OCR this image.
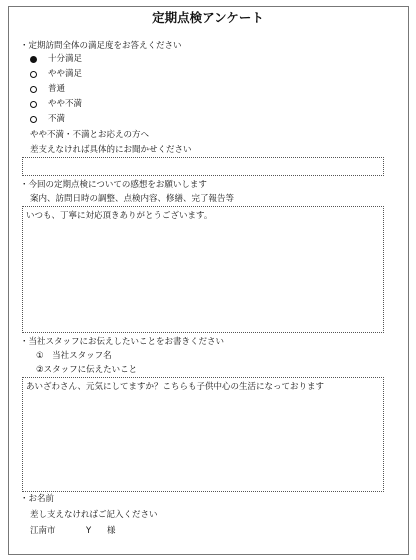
定期点検アンケート
・定期訪問全体の満足度をお答えください
十分満足
やや満足
普通
やや不満
不満
やや不満・不満とお応えの方へ
差支えなければ具体的にお聞かせください
・今回の定期点検についての感想をお願いします
案内、訪問日時の調整、点検内容、修繕、完了報告等
いつも、丁寧に対応頂きありがとうございます。
・当社スタッフにお伝えしたいことをお書きください
①　当社スタッフ名
②スタッフに伝えたいこと
あいざわさん、元気にしてますか？こちらも子供中心の生活になっております
・お名前
差し支えなければご記入ください
江南市	Y 様
